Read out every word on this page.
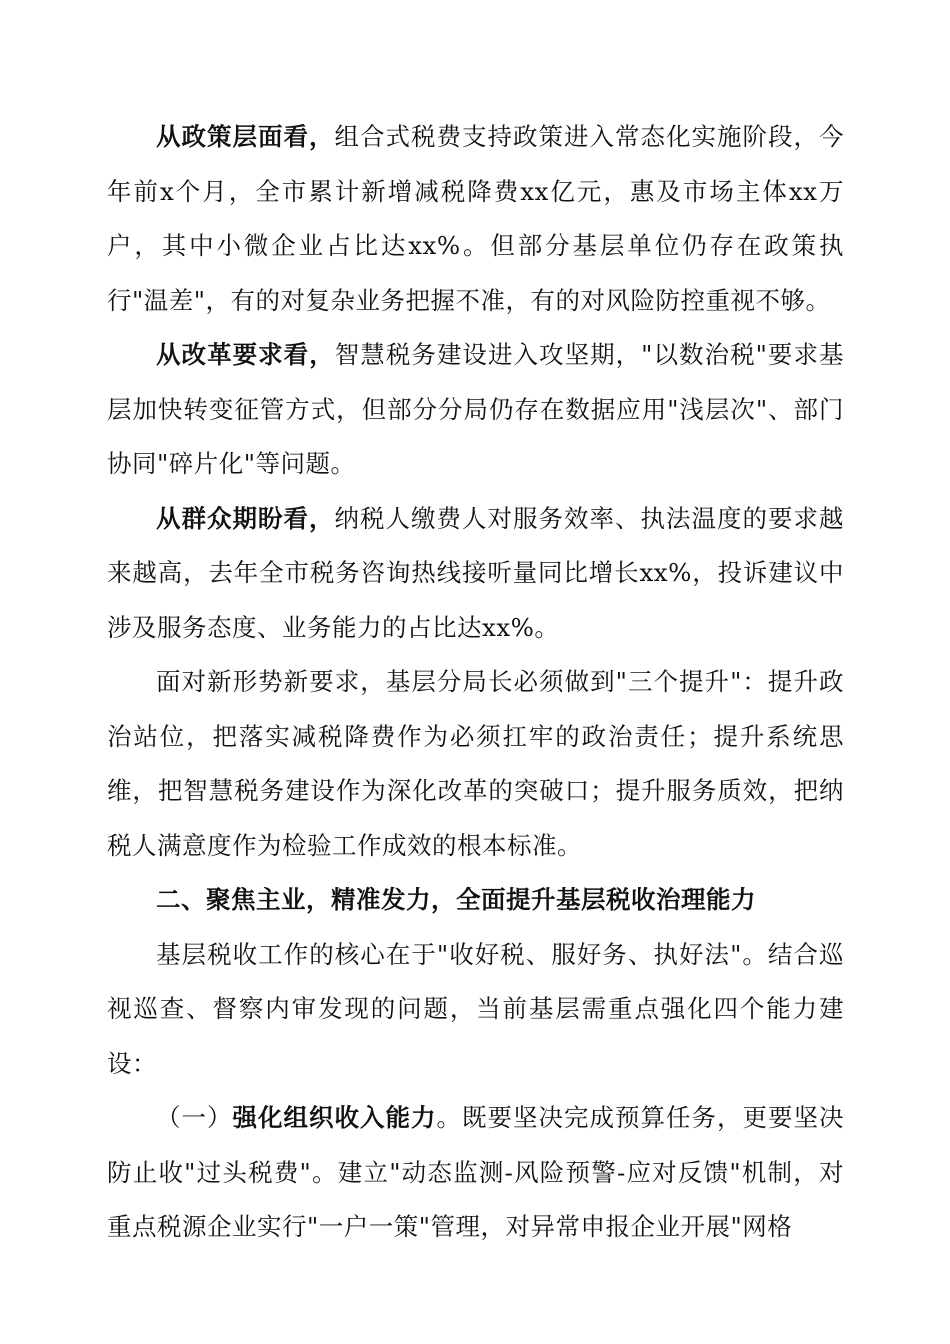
从政策层面看，组合式税费支持政策进入常态化实施阶段，今年前x个月，全市累计新增减税降费xx亿元，惠及市场主体xx万户，其中小微企业占比达xx%。但部分基层单位仍存在政策执行"温差"，有的对复杂业务把握不准，有的对风险防控重视不够。

从改革要求看，智慧税务建设进入攻坚期，"以数治税"要求基层加快转变征管方式，但部分分局仍存在数据应用"浅层次"、部门协同"碎片化"等问题。

从群众期盼看，纳税人缴费人对服务效率、执法温度的要求越来越高，去年全市税务咨询热线接听量同比增长xx%，投诉建议中涉及服务态度、业务能力的占比达xx%。

面对新形势新要求，基层分局长必须做到"三个提升"：提升政治站位，把落实减税降费作为必须扛牢的政治责任；提升系统思维，把智慧税务建设作为深化改革的突破口；提升服务质效，把纳税人满意度作为检验工作成效的根本标准。

二、聚焦主业，精准发力，全面提升基层税收治理能力

基层税收工作的核心在于"收好税、服好务、执好法"。结合巡视巡查、督察内审发现的问题，当前基层需重点强化四个能力建设：

（一）强化组织收入能力。既要坚决完成预算任务，更要坚决防止收"过头税费"。建立"动态监测-风险预警-应对反馈"机制，对重点税源企业实行"一户一策"管理，对异常申报企业开展"网格
